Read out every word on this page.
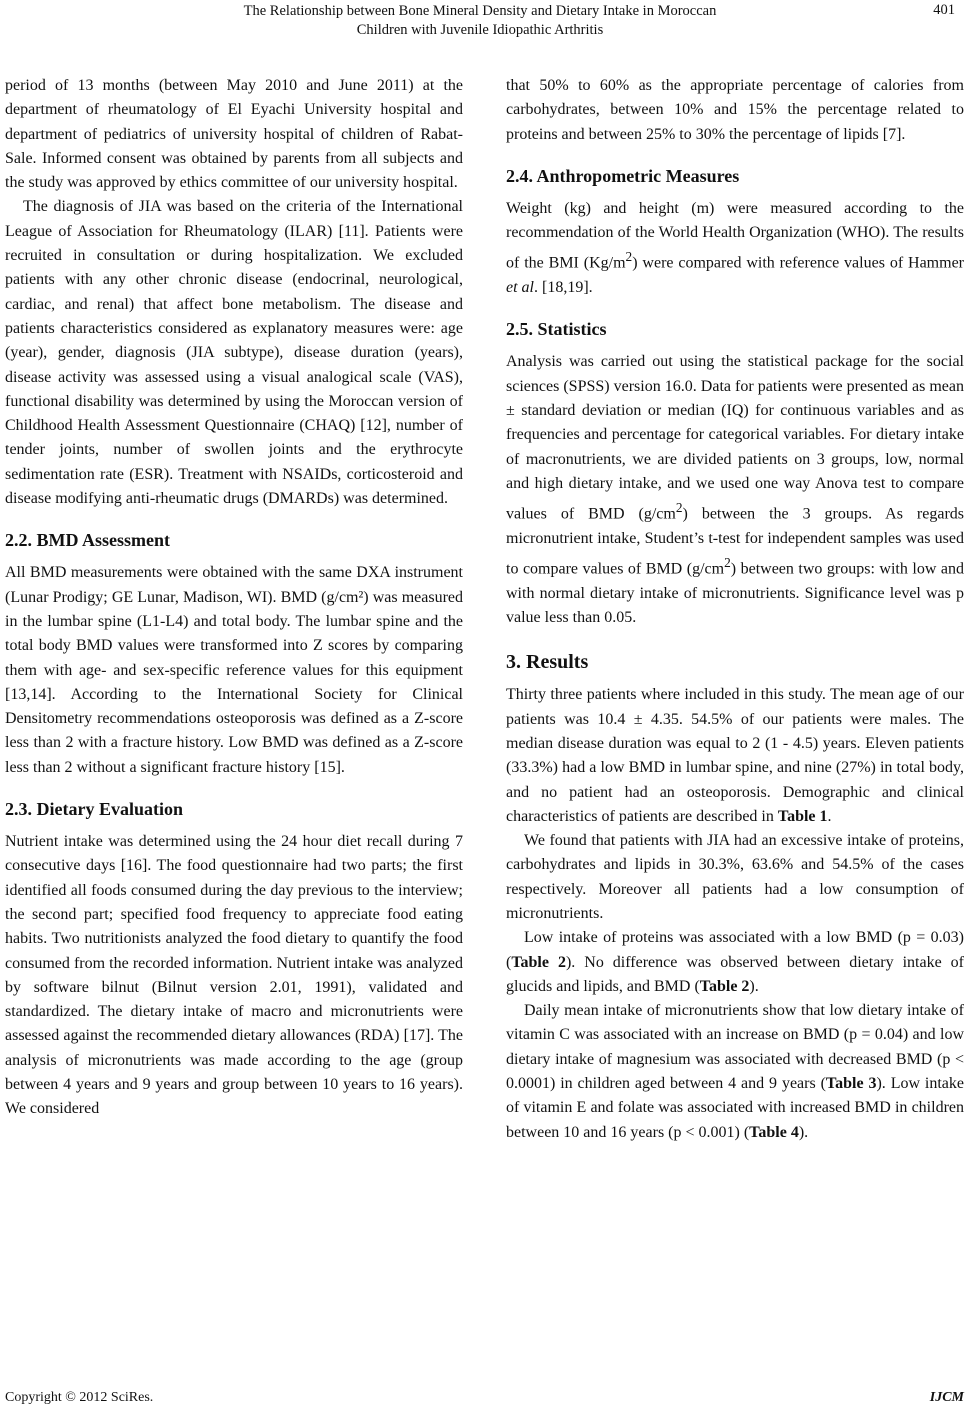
The Relationship between Bone Mineral Density and Dietary Intake in Moroccan
Children with Juvenile Idiopathic Arthritis
401

period of 13 months (between May 2010 and June 2011) at the department of rheumatology of El Eyachi University hospital and department of pediatrics of university hospital of children of Rabat-Sale. Informed consent was obtained by parents from all subjects and the study was approved by ethics committee of our university hospital.

The diagnosis of JIA was based on the criteria of the International League of Association for Rheumatology (ILAR) [11]. Patients were recruited in consultation or during hospitalization. We excluded patients with any other chronic disease (endocrinal, neurological, cardiac, and renal) that affect bone metabolism. The disease and patients characteristics considered as explanatory measures were: age (year), gender, diagnosis (JIA subtype), disease duration (years), disease activity was assessed using a visual analogical scale (VAS), functional disability was determined by using the Moroccan version of Childhood Health Assessment Questionnaire (CHAQ) [12], number of tender joints, number of swollen joints and the erythrocyte sedimentation rate (ESR). Treatment with NSAIDs, corticosteroid and disease modifying anti-rheumatic drugs (DMARDs) was determined.

2.2. BMD Assessment

All BMD measurements were obtained with the same DXA instrument (Lunar Prodigy; GE Lunar, Madison, WI). BMD (g/cm²) was measured in the lumbar spine (L1-L4) and total body. The lumbar spine and the total body BMD values were transformed into Z scores by comparing them with age- and sex-specific reference values for this equipment [13,14]. According to the International Society for Clinical Densitometry recommendations osteoporosis was defined as a Z-score less than 2 with a fracture history. Low BMD was defined as a Z-score less than 2 without a significant fracture history [15].

2.3. Dietary Evaluation

Nutrient intake was determined using the 24 hour diet recall during 7 consecutive days [16]. The food questionnaire had two parts; the first identified all foods consumed during the day previous to the interview; the second part; specified food frequency to appreciate food eating habits. Two nutritionists analyzed the food dietary to quantify the food consumed from the recorded information. Nutrient intake was analyzed by software bilnut (Bilnut version 2.01, 1991), validated and standardized. The dietary intake of macro and micronutrients were assessed against the recommended dietary allowances (RDA) [17]. The analysis of micronutrients was made according to the age (group between 4 years and 9 years and group between 10 years to 16 years). We considered

that 50% to 60% as the appropriate percentage of calories from carbohydrates, between 10% and 15% the percentage related to proteins and between 25% to 30% the percentage of lipids [7].

2.4. Anthropometric Measures

Weight (kg) and height (m) were measured according to the recommendation of the World Health Organization (WHO). The results of the BMI $(Kg/m^2)$ were compared with reference values of Hammer et al. [18,19].

2.5. Statistics

Analysis was carried out using the statistical package for the social sciences (SPSS) version 16.0. Data for patients were presented as mean ± standard deviation or median (IQ) for continuous variables and as frequencies and percentage for categorical variables. For dietary intake of macronutrients, we are divided patients on 3 groups, low, normal and high dietary intake, and we used one way Anova test to compare values of BMD $(g/cm^2)$ between the 3 groups. As regards micronutrient intake, Student’s t-test for independent samples was used to compare values of BMD $(g/cm^2)$ between two groups: with low and with normal dietary intake of micronutrients. Significance level was p value less than 0.05.

3. Results

Thirty three patients where included in this study. The mean age of our patients was 10.4 ± 4.35. 54.5% of our patients were males. The median disease duration was equal to 2 (1 - 4.5) years. Eleven patients (33.3%) had a low BMD in lumbar spine, and nine (27%) in total body, and no patient had an osteoporosis. Demographic and clinical characteristics of patients are described in Table 1.

We found that patients with JIA had an excessive intake of proteins, carbohydrates and lipids in 30.3%, 63.6% and 54.5% of the cases respectively. Moreover all patients had a low consumption of micronutrients.

Low intake of proteins was associated with a low BMD (p = 0.03) (Table 2). No difference was observed between dietary intake of glucids and lipids, and BMD (Table 2).

Daily mean intake of micronutrients show that low dietary intake of vitamin C was associated with an increase on BMD (p = 0.04) and low dietary intake of magnesium was associated with decreased BMD (p < 0.0001) in children aged between 4 and 9 years (Table 3). Low intake of vitamin E and folate was associated with increased BMD in children between 10 and 16 years (p < 0.001) (Table 4).

Copyright © 2012 SciRes.	IJCM
